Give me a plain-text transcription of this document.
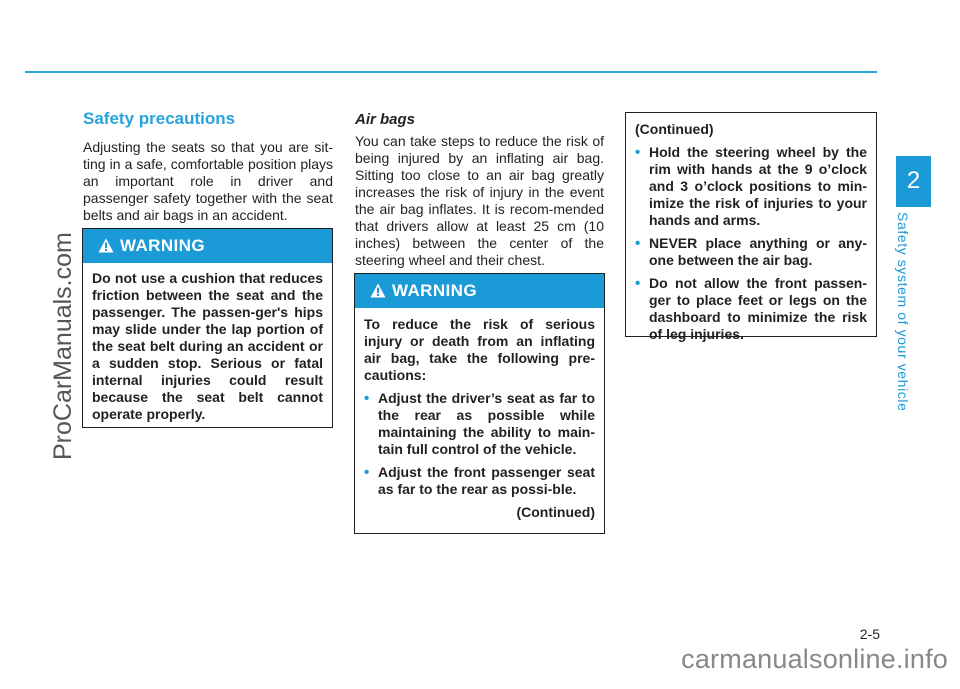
2
Safety system of your vehicle
ProCarManuals.com
Safety precautions

Adjusting the seats so that you are sit-ting in a safe, comfortable position plays an important role in driver and passenger safety together with the seat belts and air bags in an accident.

WARNING
Do not use a cushion that reduces friction between the seat and the passenger. The passen-ger's hips may slide under the lap portion of the seat belt during an accident or a sudden stop. Serious or fatal internal injuries could result because the seat belt cannot operate properly.
Air bags

You can take steps to reduce the risk of being injured by an inflating air bag. Sitting too close to an air bag greatly increases the risk of injury in the event the air bag inflates. It is recom-mended that drivers allow at least 25 cm (10 inches) between the center of the steering wheel and their chest.

WARNING
To reduce the risk of serious injury or death from an inflating air bag, take the following pre-cautions:
• Adjust the driver’s seat as far to the rear as possible while maintaining the ability to main-tain full control of the vehicle.
• Adjust the front passenger seat as far to the rear as possi-ble.
(Continued)
(Continued)
• Hold the steering wheel by the rim with hands at the 9 o’clock and 3 o’clock positions to min-imize the risk of injuries to your hands and arms.
• NEVER place anything or any-one between the air bag.
• Do not allow the front passen-ger to place feet or legs on the dashboard to minimize the risk of leg injuries.
2-5
carmanualsonline.info
